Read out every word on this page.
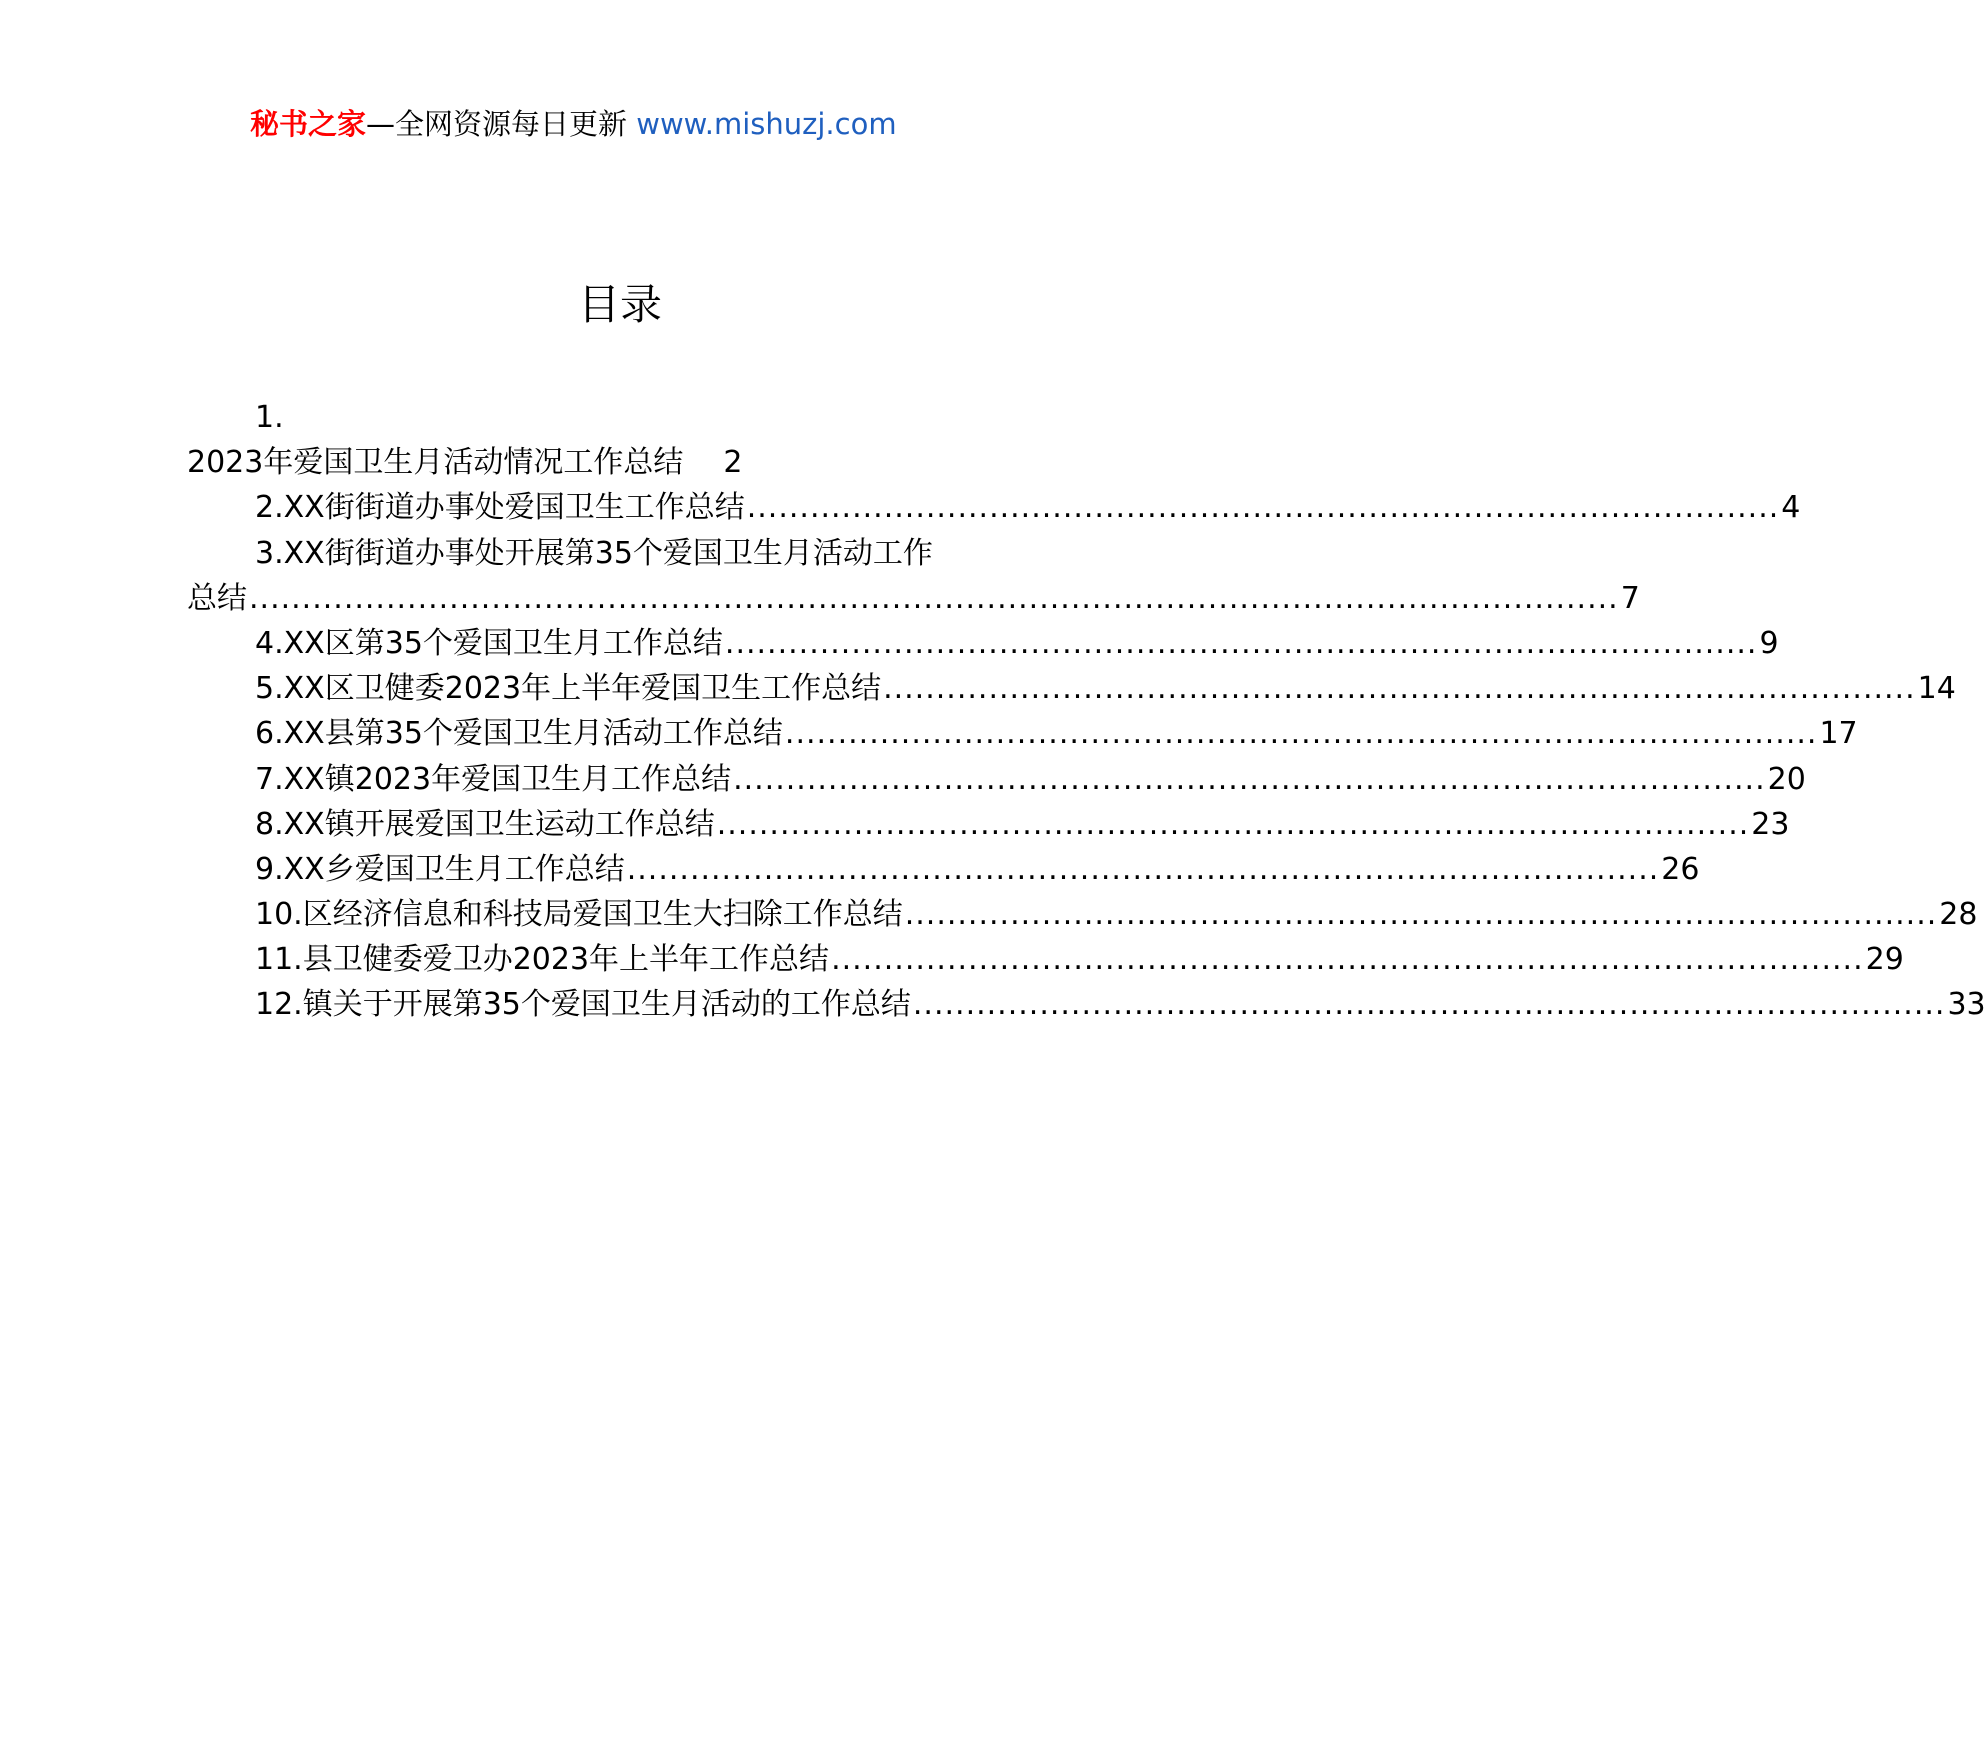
秘书之家—全网资源每日更新 www.mishuzj.com
目录
1.
2023年爱国卫生月活动情况工作总结 2
2.XX街街道办事处爱国卫生工作总结 .................................................................................................. 4
3.XX街街道办事处开展第35个爱国卫生月活动工作
总结 .................................................................................................................................. 7
4.XX区第35个爱国卫生月工作总结 .................................................................................................. 9
5.XX区卫健委2023年上半年爱国卫生工作总结 .................................................................................................. 14
6.XX县第35个爱国卫生月活动工作总结 .................................................................................................. 17
7.XX镇2023年爱国卫生月工作总结 .................................................................................................. 20
8.XX镇开展爱国卫生运动工作总结 .................................................................................................. 23
9.XX乡爱国卫生月工作总结 .................................................................................................. 26
10.区经济信息和科技局爱国卫生大扫除工作总结 .................................................................................................. 28
11.县卫健委爱卫办2023年上半年工作总结 .................................................................................................. 29
12.镇关于开展第35个爱国卫生月活动的工作总结 .................................................................................................. 33
